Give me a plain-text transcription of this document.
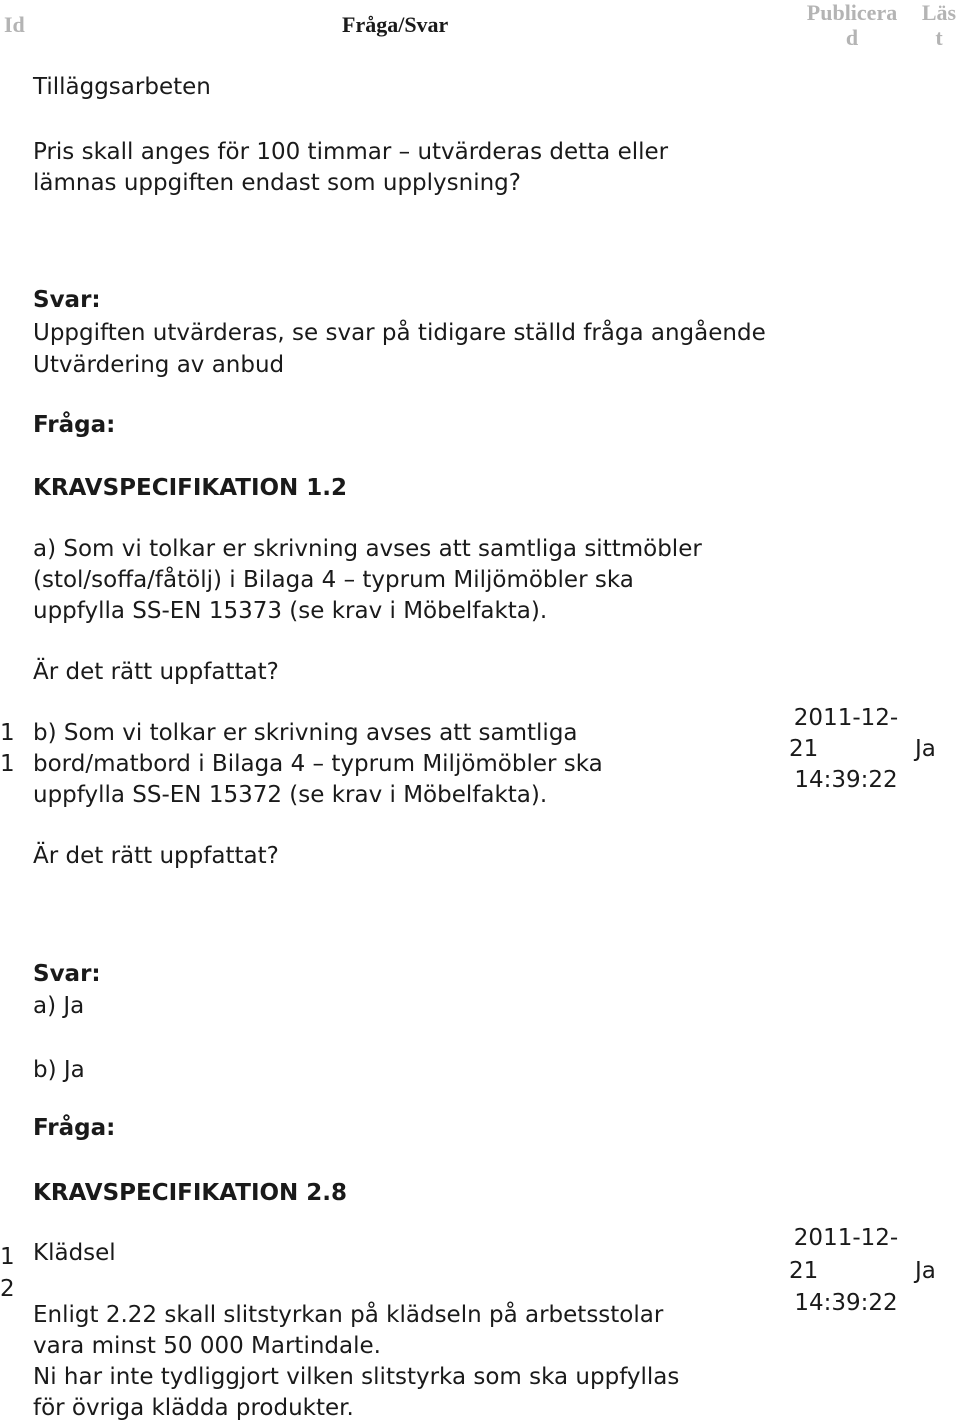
Id	Fråga/Svar	Publicera
d
Läs
t
Tilläggsarbeten
Pris skall anges för 100 timmar – utvärderas detta eller
lämnas uppgiften endast som upplysning?
Svar:
Uppgiften utvärderas, se svar på tidigare ställd fråga angående
Utvärdering av anbud
Fråga:
KRAVSPECIFIKATION 1.2
a) Som vi tolkar er skrivning avses att samtliga sittmöbler
(stol/soffa/fåtölj) i Bilaga 4 – typrum Miljömöbler ska
uppfylla SS-EN 15373 (se krav i Möbelfakta).
Är det rätt uppfattat?
b) Som vi tolkar er skrivning avses att samtliga
bord/matbord i Bilaga 4 – typrum Miljömöbler ska
uppfylla SS-EN 15372 (se krav i Möbelfakta).
Är det rätt uppfattat?
Svar:
a) Ja
b) Ja
1
1
2011-12-
21
14:39:22
Ja
Fråga:
KRAVSPECIFIKATION 2.8
Klädsel
Enligt 2.22 skall slitstyrkan på klädseln på arbetsstolar
vara minst 50 000 Martindale.
Ni har inte tydliggjort vilken slitstyrka som ska uppfyllas
för övriga klädda produkter.
1
2
2011-12-
21
14:39:22
Ja
